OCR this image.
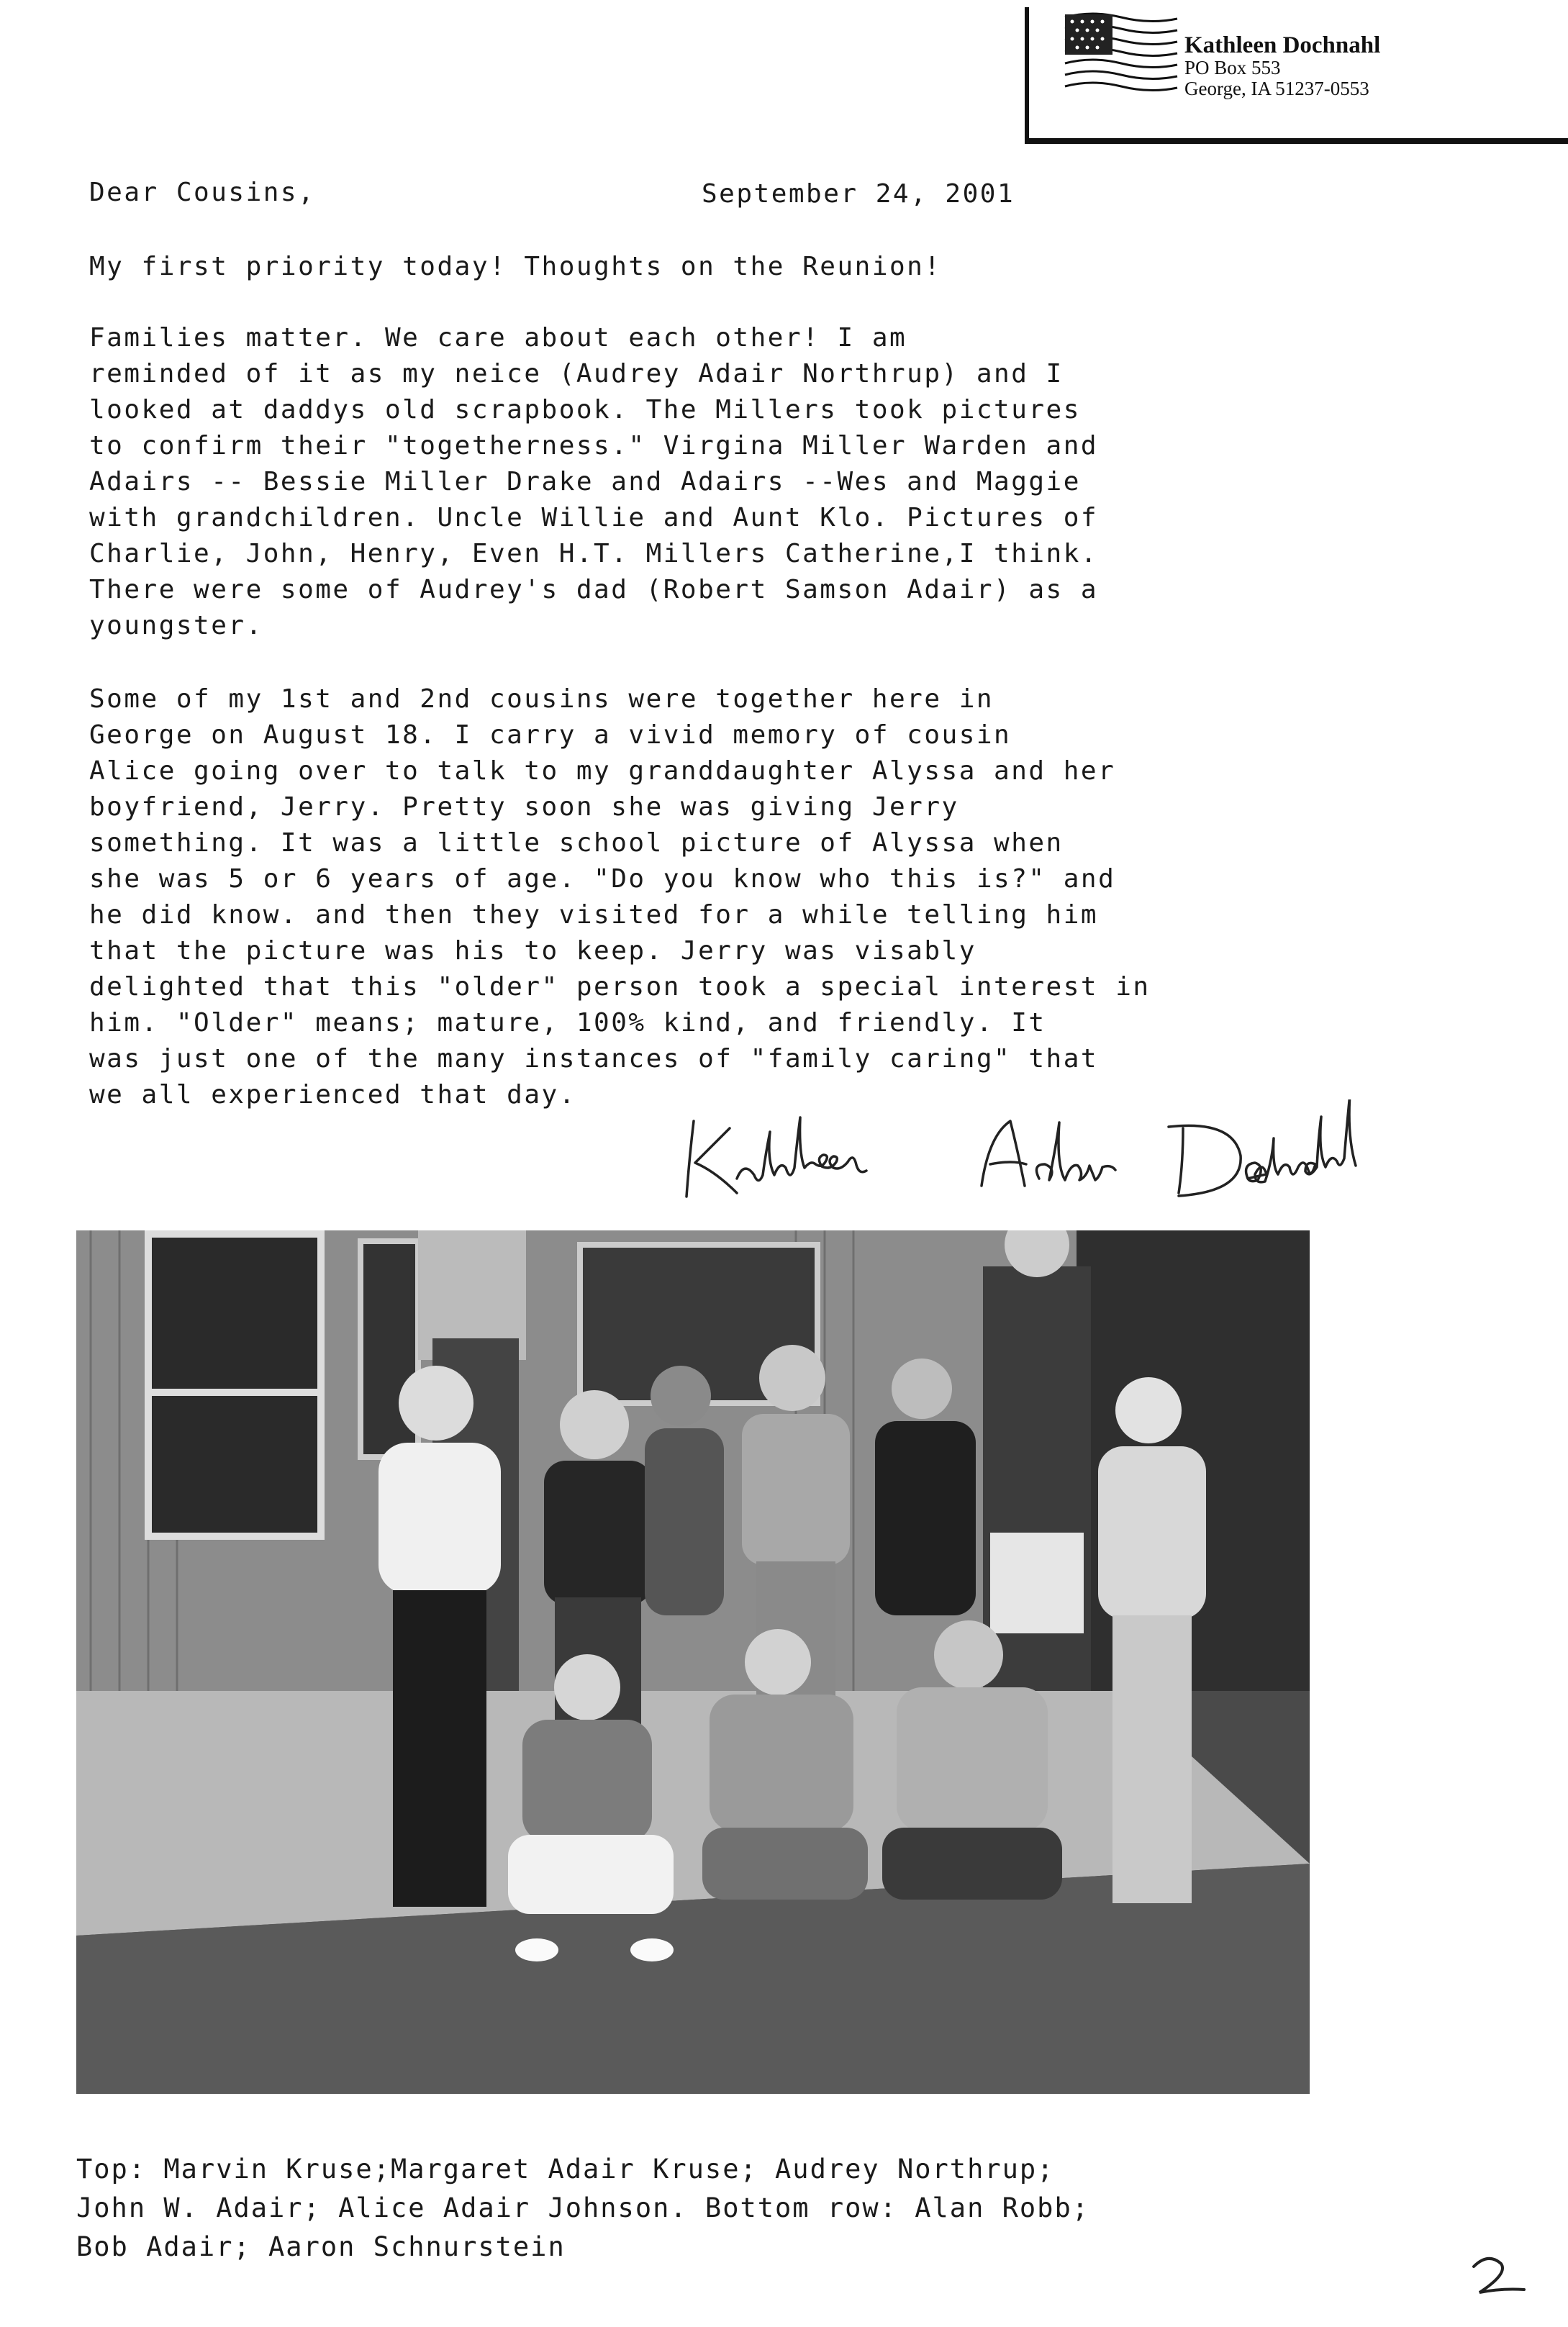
Kathleen Dochnahl
PO Box 553
George, IA 51237-0553
Dear Cousins,	September 24, 2001

My first priority today! Thoughts on the Reunion!

Families matter. We care about each other! I am
reminded of it as my neice (Audrey Adair Northrup) and I
looked at daddys old scrapbook. The Millers took pictures
to confirm their "togetherness." Virgina Miller Warden and
Adairs -- Bessie Miller Drake and Adairs --Wes and Maggie
with grandchildren. Uncle Willie and Aunt Klo. Pictures of
Charlie, John, Henry, Even H.T. Millers Catherine,I think.
There were some of Audrey's dad (Robert Samson Adair) as a
youngster.

Some of my 1st and 2nd cousins were together here in
George on August 18. I carry a vivid memory of cousin
Alice going over to talk to my granddaughter Alyssa and her
boyfriend, Jerry. Pretty soon she was giving Jerry
something. It was a little school picture of Alyssa when
she was 5 or 6 years of age. "Do you know who this is?" and
he did know. and then they visited for a while telling him
that the picture was his to keep. Jerry was visably
delighted that this "older" person took a special interest in
him. "Older" means; mature, 100% kind, and friendly. It
was just one of the many instances of "family caring" that
we all experienced that day.

Top: Marvin Kruse;Margaret Adair Kruse; Audrey Northrup;
John W. Adair; Alice Adair Johnson. Bottom row: Alan Robb;
Bob Adair; Aaron Schnurstein
